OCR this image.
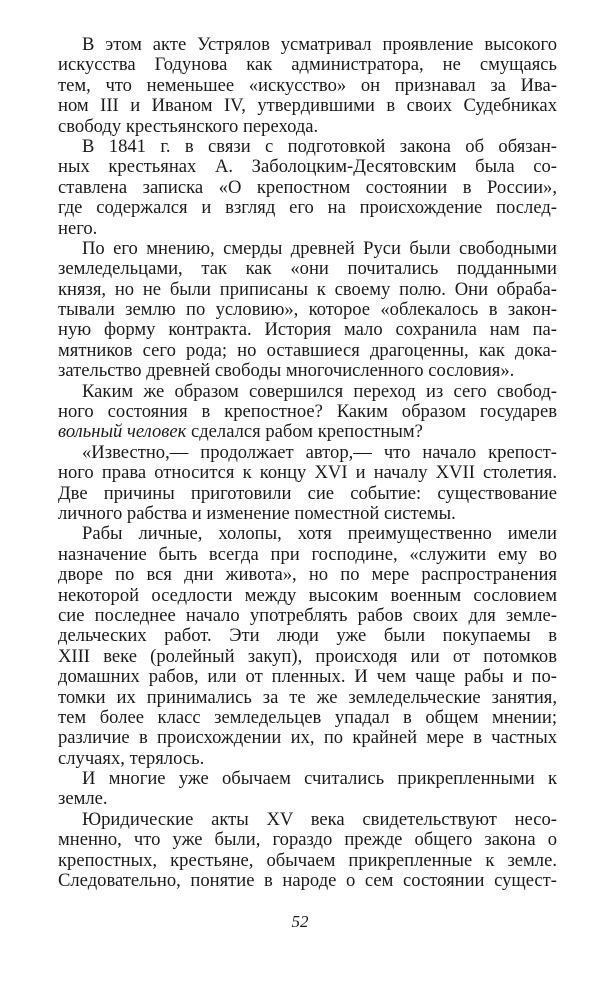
В этом акте Устрялов усматривал проявление высокого
искусства Годунова как администратора, не смущаясь
тем, что неменьшее «искусство» он признавал за Ива-
ном III и Иваном IV, утвердившими в своих Судебниках
свободу крестьянского перехода.
В 1841 г. в связи с подготовкой закона об обязан-
ных крестьянах А. Заболоцким-Десятовским была со-
ставлена записка «О крепостном состоянии в России»,
где содержался и взгляд его на происхождение послед-
него.
По его мнению, смерды древней Руси были свободными
земледельцами, так как «они почитались подданными
князя, но не были приписаны к своему полю. Они обраба-
тывали землю по условию», которое «облекалось в закон-
ную форму контракта. История мало сохранила нам па-
мятников сего рода; но оставшиеся драгоценны, как дока-
зательство древней свободы многочисленного сословия».
Каким же образом совершился переход из сего свобод-
ного состояния в крепостное? Каким образом государев
вольный человек сделался рабом крепостным?
«Известно,— продолжает автор,— что начало крепост-
ного права относится к концу XVI и началу XVII столетия.
Две причины приготовили сие событие: существование
личного рабства и изменение поместной системы.
Рабы личные, холопы, хотя преимущественно имели
назначение быть всегда при господине, «служити ему во
дворе по вся дни живота», но по мере распространения
некоторой оседлости между высоким военным сословием
сие последнее начало употреблять рабов своих для земле-
дельческих работ. Эти люди уже были покупаемы в
XIII веке (ролейный закуп), происходя или от потомков
домашних рабов, или от пленных. И чем чаще рабы и по-
томки их принимались за те же земледельческие занятия,
тем более класс земледельцев упадал в общем мнении;
различие в происхождении их, по крайней мере в частных
случаях, терялось.
И многие уже обычаем считались прикрепленными к
земле.
Юридические акты XV века свидетельствуют несо-
мненно, что уже были, гораздо прежде общего закона о
крепостных, крестьяне, обычаем прикрепленные к земле.
Следовательно, понятие в народе о сем состоянии сущест-
52
